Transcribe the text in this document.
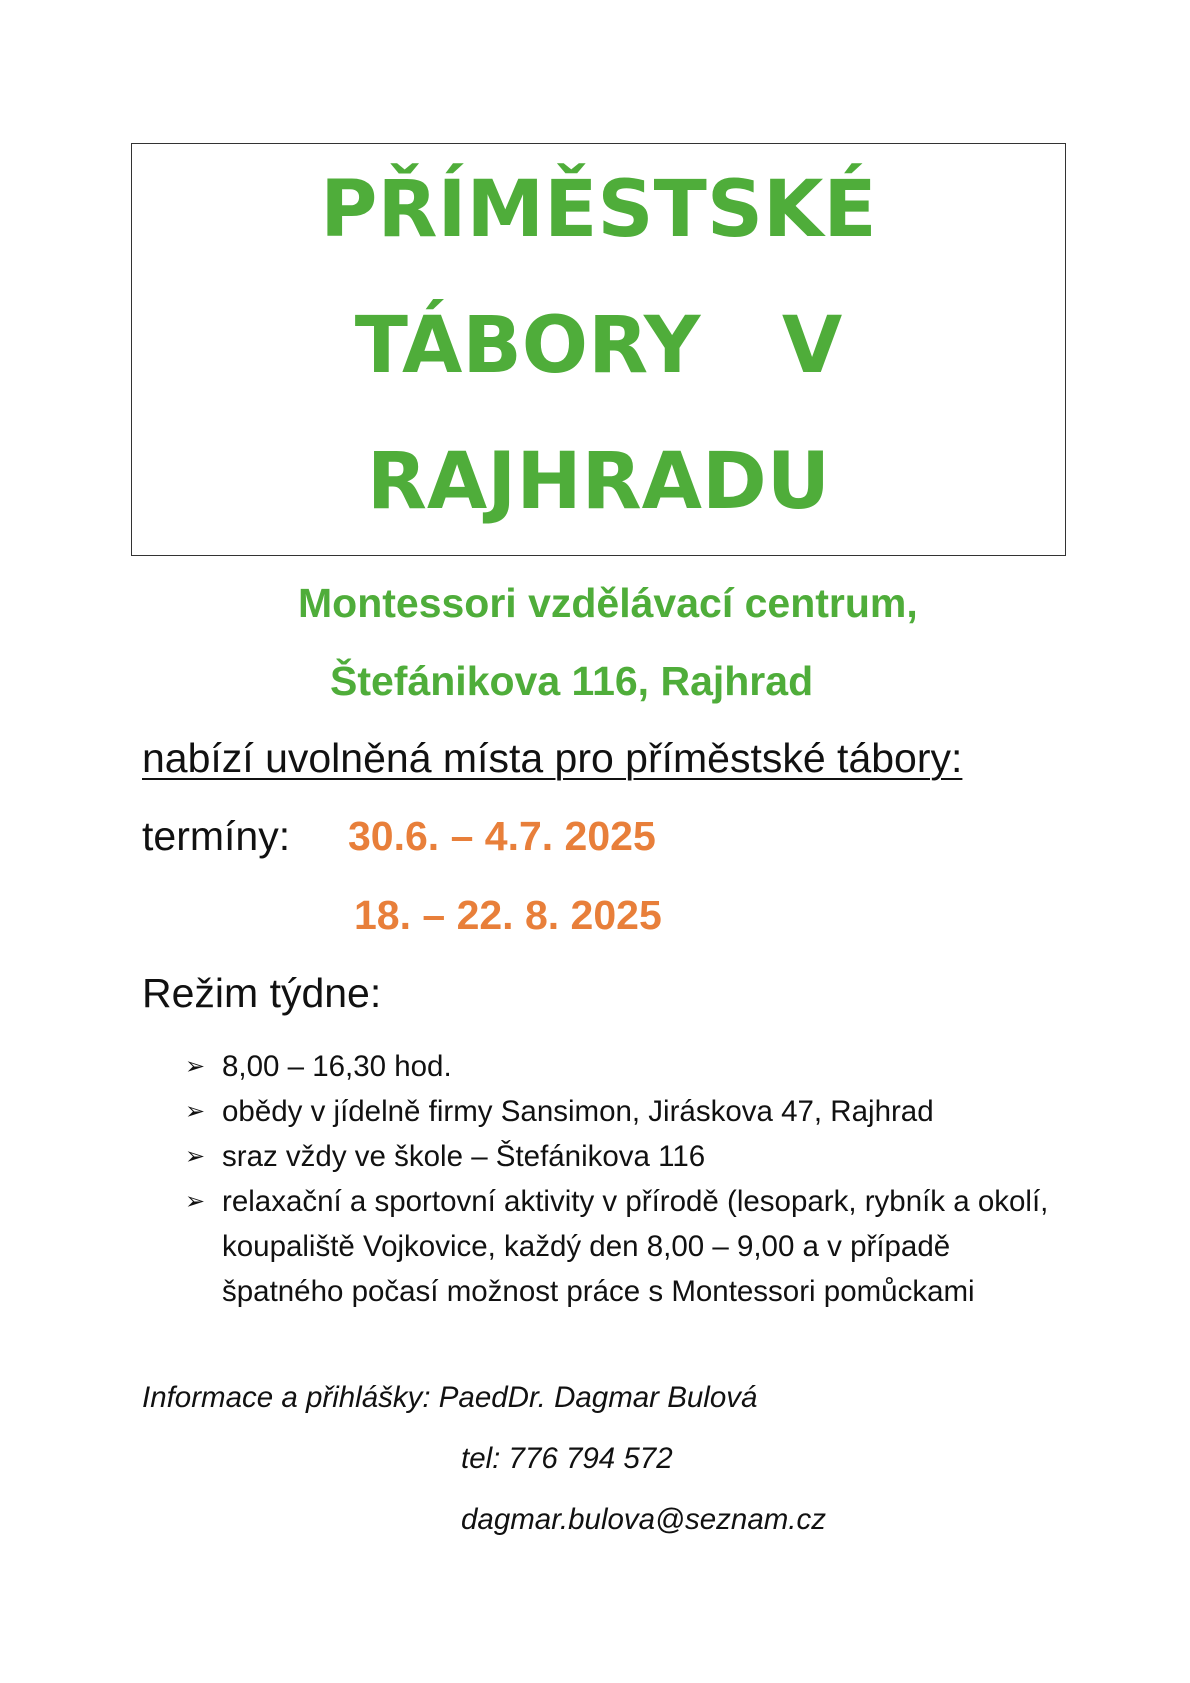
PŘÍMĚSTSKÉ
TÁBORY   V
RAJHRADU
Montessori vzdělávací centrum,
Štefánikova 116, Rajhrad
nabízí uvolněná místa pro příměstské tábory:
termíny: 30.6. – 4.7. 2025
18. – 22. 8. 2025
Režim týdne:
➢ 8,00 – 16,30 hod.
➢ obědy v jídelně firmy Sansimon, Jiráskova 47, Rajhrad
➢ sraz vždy ve škole – Štefánikova 116
➢ relaxační a sportovní aktivity v přírodě (lesopark, rybník a okolí, koupaliště Vojkovice, každý den 8,00 – 9,00 a v případě špatného počasí možnost práce s Montessori pomůckami
Informace a přihlášky: PaedDr. Dagmar Bulová
tel: 776 794 572
dagmar.bulova@seznam.cz
